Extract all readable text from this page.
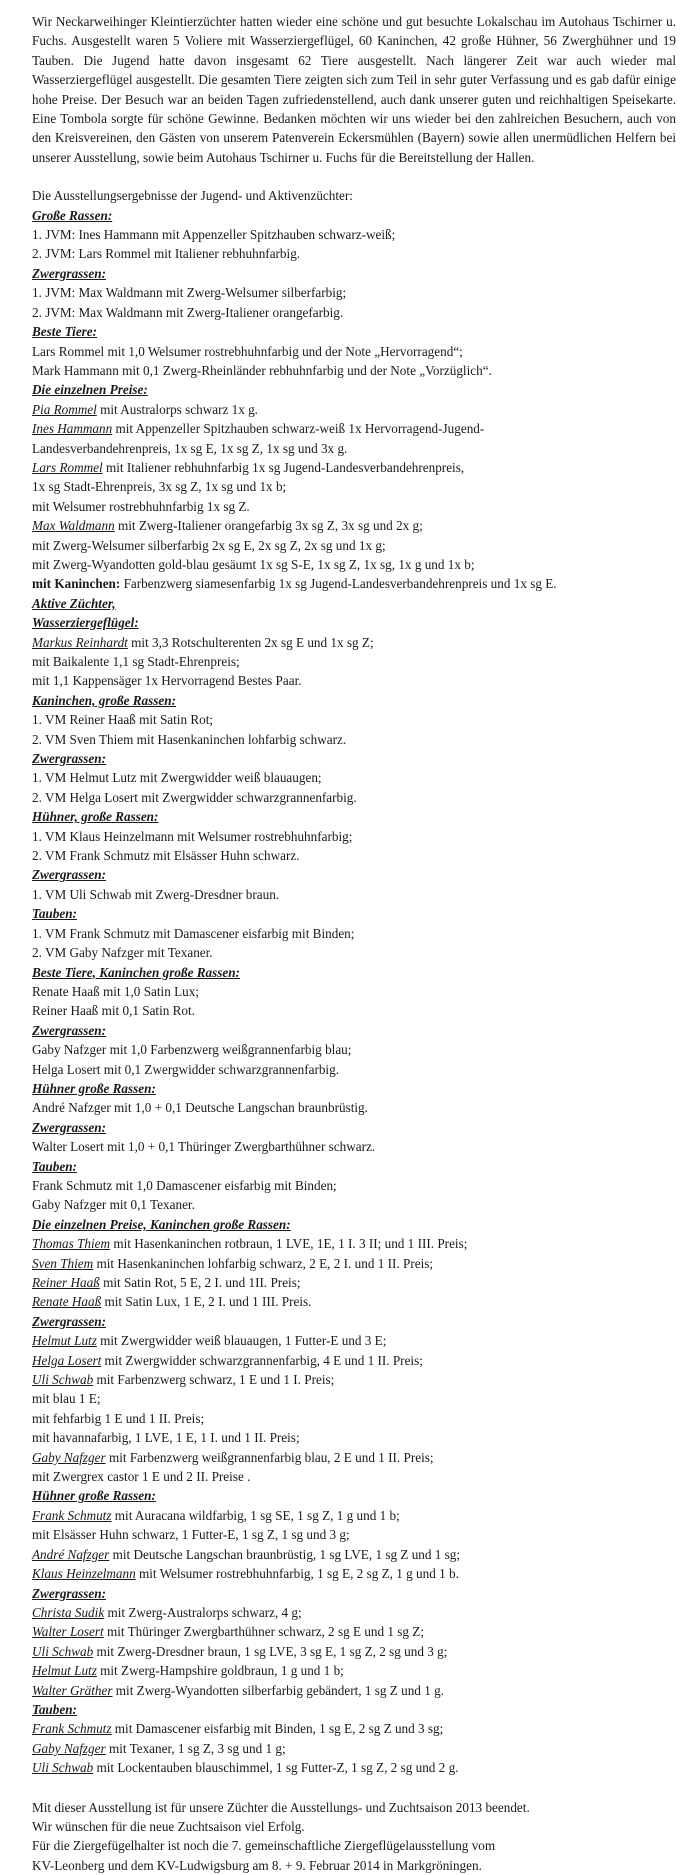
Wir Neckarweihinger Kleintierzüchter hatten wieder eine schöne und gut besuchte Lokalschau im Autohaus Tschirner u. Fuchs. Ausgestellt waren 5 Voliere mit Wasserziergeflügel, 60 Kaninchen, 42 große Hühner, 56 Zwerghühner und 19 Tauben. Die Jugend hatte davon insgesamt 62 Tiere ausgestellt. Nach längerer Zeit war auch wieder mal Wasserziergeflügel ausgestellt. Die gesamten Tiere zeigten sich zum Teil in sehr guter Verfassung und es gab dafür einige hohe Preise. Der Besuch war an beiden Tagen zufriedenstellend, auch dank unserer guten und reichhaltigen Speisekarte. Eine Tombola sorgte für schöne Gewinne. Bedanken möchten wir uns wieder bei den zahlreichen Besuchern, auch von den Kreisvereinen, den Gästen von unserem Patenverein Eckersmühlen (Bayern) sowie allen unermüdlichen Helfern bei unserer Ausstellung, sowie beim Autohaus Tschirner u. Fuchs für die Bereitstellung der Hallen.

Die Ausstellungsergebnisse der Jugend- und Aktivenzüchter:
Große Rassen:
1. JVM: Ines Hammann mit Appenzeller Spitzhauben schwarz-weiß;
2. JVM: Lars Rommel mit Italiener rebhuhnfarbig.
Zwergrassen:
1. JVM: Max Waldmann mit Zwerg-Welsumer silberfarbig;
2. JVM: Max Waldmann mit Zwerg-Italiener orangefarbig.
Beste Tiere:
Lars Rommel mit 1,0 Welsumer rostrebhuhnfarbig und der Note „Hervorragend“;
Mark Hammann mit 0,1 Zwerg-Rheinländer rebhuhnfarbig und der Note „Vorzüglich“.
Die einzelnen Preise:
Pia Rommel mit Australorps schwarz 1x g.
Ines Hammann mit Appenzeller Spitzhauben schwarz-weiß 1x Hervorragend-Jugend-
Landesverbandehrenpreis, 1x sg E, 1x sg Z, 1x sg und 3x g.
Lars Rommel mit Italiener rebhuhnfarbig 1x sg Jugend-Landesverbandehrenpreis,
1x sg Stadt-Ehrenpreis, 3x sg Z, 1x sg und 1x b;
mit Welsumer rostrebhuhnfarbig 1x sg Z.
Max Waldmann mit Zwerg-Italiener orangefarbig 3x sg Z, 3x sg und 2x g;
mit Zwerg-Welsumer silberfarbig 2x sg E, 2x sg Z, 2x sg und 1x g;
mit Zwerg-Wyandotten gold-blau gesäumt 1x sg S-E, 1x sg Z, 1x sg, 1x g und 1x b;
mit Kaninchen: Farbenzwerg siamesenfarbig 1x sg Jugend-Landesverbandehrenpreis und 1x sg E.
Aktive Züchter,
Wasserziergeflügel:
Markus Reinhardt mit 3,3 Rotschulterenten 2x sg E und 1x sg Z;
mit Baikalente 1,1 sg Stadt-Ehrenpreis;
mit 1,1 Kappensäger 1x Hervorragend Bestes Paar.
Kaninchen, große Rassen:
1. VM Reiner Haaß mit Satin Rot;
2. VM Sven Thiem mit Hasenkaninchen lohfarbig schwarz.
Zwergrassen:
1. VM Helmut Lutz mit Zwergwidder weiß blauaugen;
2. VM Helga Losert mit Zwergwidder schwarzgrannenfarbig.
Hühner, große Rassen:
1. VM Klaus Heinzelmann mit Welsumer rostrebhuhnfarbig;
2. VM Frank Schmutz mit Elsässer Huhn schwarz.
Zwergrassen:
1. VM Uli Schwab mit Zwerg-Dresdner braun.
Tauben:
1. VM Frank Schmutz mit Damascener eisfarbig mit Binden;
2. VM Gaby Nafzger mit Texaner.
Beste Tiere, Kaninchen große Rassen:
Renate Haaß mit 1,0 Satin Lux;
Reiner Haaß mit 0,1 Satin Rot.
Zwergrassen:
Gaby Nafzger mit 1,0 Farbenzwerg weißgrannenfarbig blau;
Helga Losert mit 0,1 Zwergwidder schwarzgrannenfarbig.
Hühner große Rassen:
André Nafzger mit 1,0 + 0,1 Deutsche Langschan braunbrüstig.
Zwergrassen:
Walter Losert mit 1,0 + 0,1 Thüringer Zwergbarthühner schwarz.
Tauben:
Frank Schmutz mit 1,0 Damascener eisfarbig mit Binden;
Gaby Nafzger mit 0,1 Texaner.
Die einzelnen Preise, Kaninchen große Rassen:
Thomas Thiem mit Hasenkaninchen rotbraun, 1 LVE, 1E, 1 I. 3 II; und 1 III. Preis;
Sven Thiem mit Hasenkaninchen lohfarbig schwarz, 2 E, 2 I. und 1 II. Preis;
Reiner Haaß mit Satin Rot, 5 E, 2 I. und 1II. Preis;
Renate Haaß mit Satin Lux, 1 E, 2 I. und 1 III. Preis.
Zwergrassen:
Helmut Lutz mit Zwergwidder weiß blauaugen, 1 Futter-E und 3 E;
Helga Losert mit Zwergwidder schwarzgrannenfarbig, 4 E und 1 II. Preis;
Uli Schwab mit Farbenzwerg schwarz, 1 E und 1 I. Preis;
mit blau 1 E;
mit fehfarbig 1 E und 1 II. Preis;
mit havannafarbig, 1 LVE, 1 E, 1 I. und 1 II. Preis;
Gaby Nafzger mit Farbenzwerg weißgrannenfarbig blau, 2 E und 1 II. Preis;
mit Zwergrex castor 1 E und 2 II. Preise .
Hühner große Rassen:
Frank Schmutz mit Auracana wildfarbig, 1 sg SE, 1 sg Z, 1 g und 1 b;
mit Elsässer Huhn schwarz, 1 Futter-E, 1 sg Z, 1 sg und 3 g;
André Nafzger mit Deutsche Langschan braunbrüstig, 1 sg LVE, 1 sg Z und 1 sg;
Klaus Heinzelmann mit Welsumer rostrebhuhnfarbig, 1 sg E, 2 sg Z, 1 g und 1 b.
Zwergrassen:
Christa Sudik mit Zwerg-Australorps schwarz, 4 g;
Walter Losert mit Thüringer Zwergbarthühner schwarz, 2 sg E und 1 sg Z;
Uli Schwab mit Zwerg-Dresdner braun, 1 sg LVE, 3 sg E, 1 sg Z, 2 sg und 3 g;
Helmut Lutz mit Zwerg-Hampshire goldbraun, 1 g und 1 b;
Walter Gräther mit Zwerg-Wyandotten silberfarbig gebändert, 1 sg Z und 1 g.
Tauben:
Frank Schmutz mit Damascener eisfarbig mit Binden, 1 sg E, 2 sg Z und 3 sg;
Gaby Nafzger mit Texaner, 1 sg Z, 3 sg und 1 g;
Uli Schwab mit Lockentauben blauschimmel, 1 sg Futter-Z, 1 sg Z, 2 sg und 2 g.
Mit dieser Ausstellung ist für unsere Züchter die Ausstellungs- und Zuchtsaison 2013 beendet.
Wir wünschen für die neue Zuchtsaison viel Erfolg.
Für die Ziergefügelhalter ist noch die 7. gemeinschaftliche Ziergeflügelausstellung vom
KV-Leonberg und dem KV-Ludwigsburg am 8. + 9. Februar 2014 in Markgröningen.
